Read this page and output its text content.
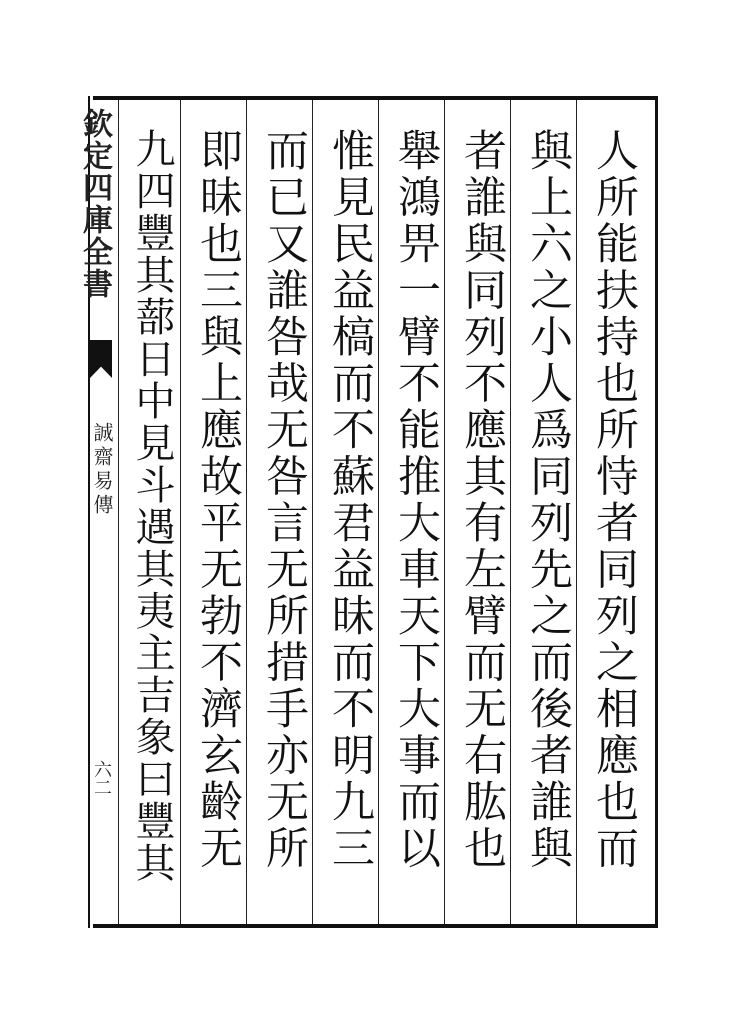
欽定四庫全書
誠齋易傳
六二
人所能扶持也所恃者同列之相應也而
與上六之小人爲同列先之而後者誰與
者誰與同列不應其有左臂而无右肱也
舉鴻畀一臂不能推大車天下大事而以
惟見民益槁而不蘇君益昧而不明九三
而已又誰咎哉无咎言无所措手亦无所
即昧也三與上應故平无勃不濟玄齡无
九四豐其蔀日中見斗遇其夷主吉象曰豐其
